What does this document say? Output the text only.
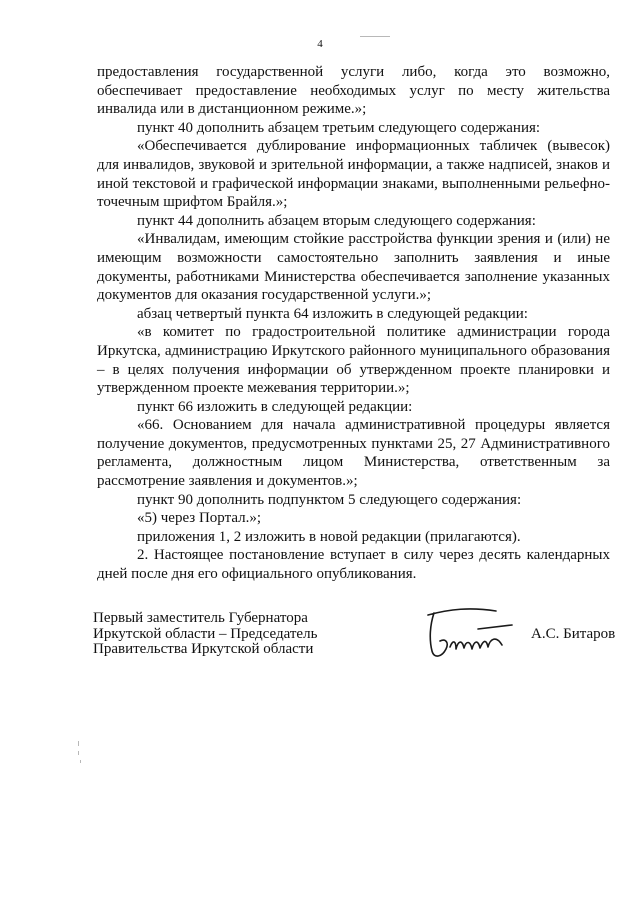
4

предоставления государственной услуги либо, когда это возможно, обеспечивает предоставление необходимых услуг по месту жительства инвалида или в дистанционном режиме.»;

пункт 40 дополнить абзацем третьим следующего содержания:

«Обеспечивается дублирование информационных табличек (вывесок) для инвалидов, звуковой и зрительной информации, а также надписей, знаков и иной текстовой и графической информации знаками, выполненными рельефно-точечным шрифтом Брайля.»;

пункт 44 дополнить абзацем вторым следующего содержания:

«Инвалидам, имеющим стойкие расстройства функции зрения и (или) не имеющим возможности самостоятельно заполнить заявления и иные документы, работниками Министерства обеспечивается заполнение указанных документов для оказания государственной услуги.»;

абзац четвертый пункта 64 изложить в следующей редакции:

«в комитет по градостроительной политике администрации города Иркутска, администрацию Иркутского районного муниципального образования – в целях получения информации об утвержденном проекте планировки и утвержденном проекте межевания территории.»;

пункт 66 изложить в следующей редакции:

«66. Основанием для начала административной процедуры является получение документов, предусмотренных пунктами 25, 27 Административного регламента, должностным лицом Министерства, ответственным за рассмотрение заявления и документов.»;

пункт 90 дополнить подпунктом 5 следующего содержания:

«5) через Портал.»;

приложения 1, 2 изложить в новой редакции (прилагаются).

2. Настоящее постановление вступает в силу через десять календарных дней после дня его официального опубликования.

Первый заместитель Губернатора
Иркутской области – Председатель
Правительства Иркутской области
А.С. Битаров
